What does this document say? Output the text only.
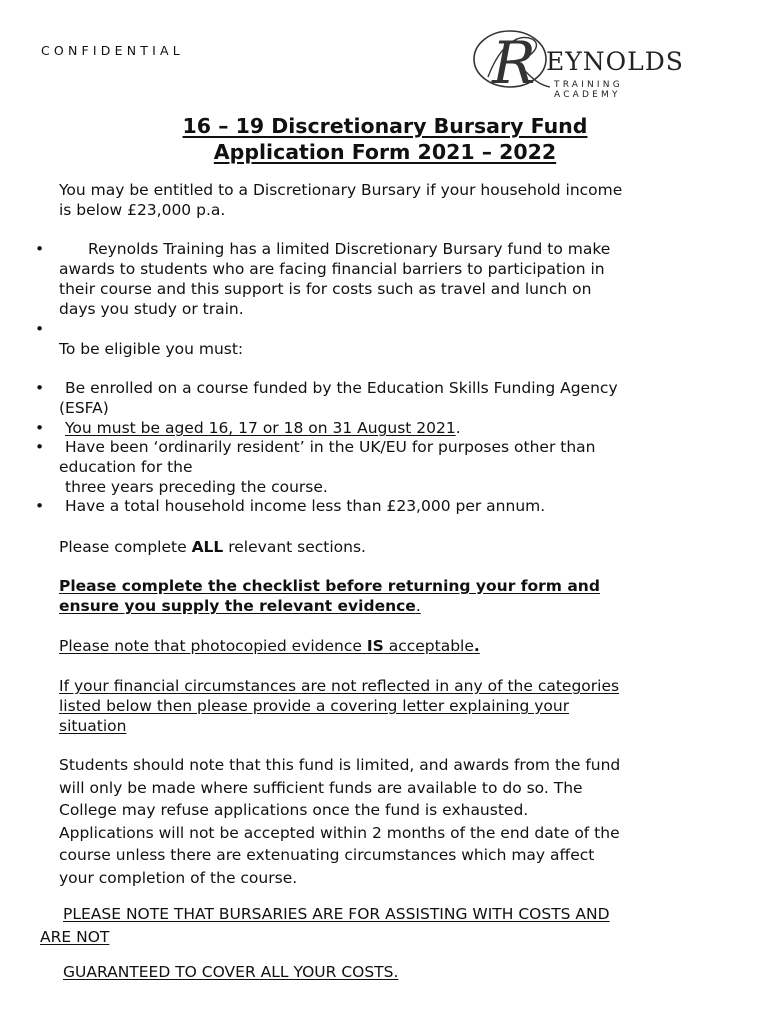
CONFIDENTIAL	R EYNOLDS
TRAINING ACADEMY
16 – 19 Discretionary Bursary Fund
Application Form 2021 – 2022
You may be entitled to a Discretionary Bursary if your household income
is below £23,000 p.a.
•	Reynolds Training has a limited Discretionary Bursary fund to make
awards to students who are facing financial barriers to participation in
their course and this support is for costs such as travel and lunch on
days you study or train.
•
To be eligible you must:
•	Be enrolled on a course funded by the Education Skills Funding Agency
(ESFA)
•	You must be aged 16, 17 or 18 on 31 August 2021.
•	Have been ‘ordinarily resident’ in the UK/EU for purposes other than
education for the
three years preceding the course.
•	Have a total household income less than £23,000 per annum.
Please complete ALL relevant sections.
Please complete the checklist before returning your form and
ensure you supply the relevant evidence.
Please note that photocopied evidence IS acceptable.
If your financial circumstances are not reflected in any of the categories
listed below then please provide a covering letter explaining your
situation
Students should note that this fund is limited, and awards from the fund
will only be made where sufficient funds are available to do so. The
College may refuse applications once the fund is exhausted.
Applications will not be accepted within 2 months of the end date of the
course unless there are extenuating circumstances which may affect
your completion of the course.
PLEASE NOTE THAT BURSARIES ARE FOR ASSISTING WITH COSTS AND
ARE NOT
GUARANTEED TO COVER ALL YOUR COSTS.
